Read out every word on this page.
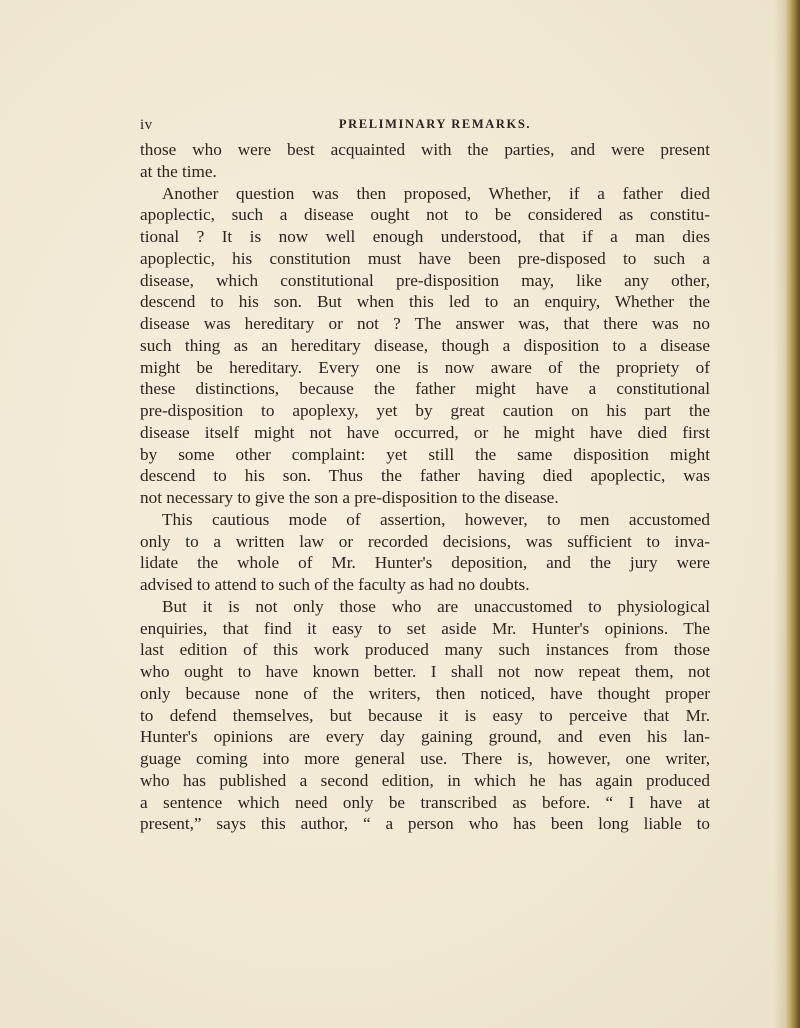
iv	PRELIMINARY REMARKS.
those who were best acquainted with the parties, and were present
at the time.
Another question was then proposed, Whether, if a father died
apoplectic, such a disease ought not to be considered as constitu-
tional ? It is now well enough understood, that if a man dies
apoplectic, his constitution must have been pre-disposed to such a
disease, which constitutional pre-disposition may, like any other,
descend to his son. But when this led to an enquiry, Whether the
disease was hereditary or not ? The answer was, that there was no
such thing as an hereditary disease, though a disposition to a disease
might be hereditary. Every one is now aware of the propriety of
these distinctions, because the father might have a constitutional
pre-disposition to apoplexy, yet by great caution on his part the
disease itself might not have occurred, or he might have died first
by some other complaint: yet still the same disposition might
descend to his son. Thus the father having died apoplectic, was
not necessary to give the son a pre-disposition to the disease.
This cautious mode of assertion, however, to men accustomed
only to a written law or recorded decisions, was sufficient to inva-
lidate the whole of Mr. Hunter's deposition, and the jury were
advised to attend to such of the faculty as had no doubts.
But it is not only those who are unaccustomed to physiological
enquiries, that find it easy to set aside Mr. Hunter's opinions. The
last edition of this work produced many such instances from those
who ought to have known better. I shall not now repeat them, not
only because none of the writers, then noticed, have thought proper
to defend themselves, but because it is easy to perceive that Mr.
Hunter's opinions are every day gaining ground, and even his lan-
guage coming into more general use. There is, however, one writer,
who has published a second edition, in which he has again produced
a sentence which need only be transcribed as before. “ I have at
present,” says this author, “ a person who has been long liable to
